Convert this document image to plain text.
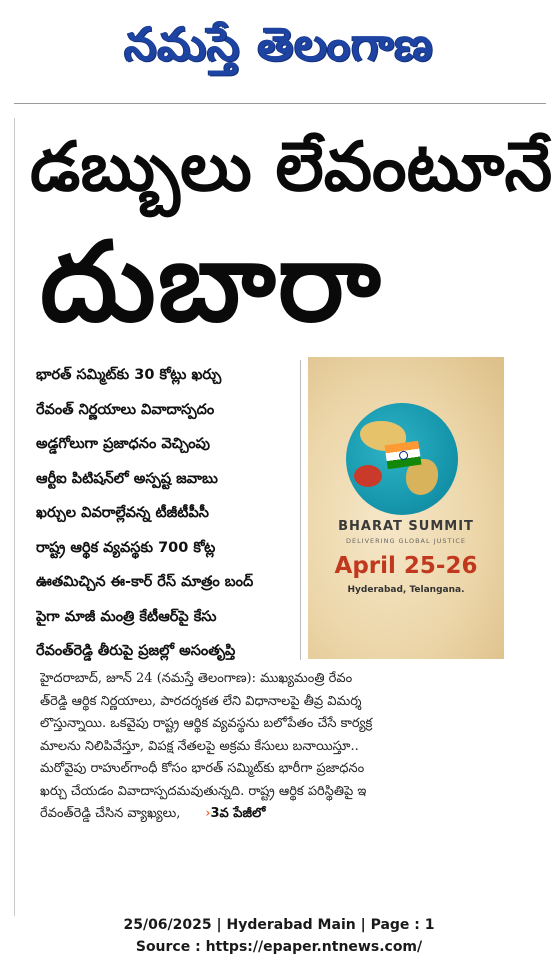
నమస్తే తెలంగాణ
డబ్బులు లేవంటూనే
దుబారా
భారత్ సమ్మిట్‌కు 30 కోట్లు ఖర్చు
రేవంత్ నిర్ణయాలు వివాదాస్పదం
అడ్డగోలుగా ప్రజాధనం వెచ్చింపు
ఆర్టీఐ పిటిషన్‌లో అస్పష్ట జవాబు
ఖర్చుల వివరాల్లేవన్న టీజీటీపీసీ
రాష్ట్ర ఆర్థిక వ్యవస్థకు 700 కోట్ల
ఊతమిచ్చిన ఈ-కార్ రేస్ మాత్రం బంద్
పైగా మాజీ మంత్రి కేటీఆర్‌పై కేసు
రేవంత్‌రెడ్డి తీరుపై ప్రజల్లో అసంతృప్తి
BHARAT SUMMIT
DELIVERING GLOBAL JUSTICE
April 25-26
Hyderabad, Telangana.
హైదరాబాద్, జూన్ 24 (నమస్తే తెలంగాణ): ముఖ్యమంత్రి రేవం
త్‌రెడ్డి ఆర్థిక నిర్ణయాలు, పారదర్శకత లేని విధానాలపై తీవ్ర విమర్శ
లొస్తున్నాయి. ఒకవైపు రాష్ట్ర ఆర్థిక వ్యవస్థను బలోపేతం చేసే కార్యక్ర
మాలను నిలిపివేస్తూ, విపక్ష నేతలపై అక్రమ కేసులు బనాయిస్తూ..
మరోవైపు రాహుల్‌గాంధీ కోసం భారత్ సమ్మిట్‌కు భారీగా ప్రజాధనం
ఖర్చు చేయడం వివాదాస్పదమవుతున్నది. రాష్ట్ర ఆర్థిక పరిస్థితిపై ఇ
రేవంత్‌రెడ్డి చేసిన వ్యాఖ్యలు, ›3వ పేజీలో
25/06/2025 | Hyderabad Main | Page : 1
Source : https://epaper.ntnews.com/
